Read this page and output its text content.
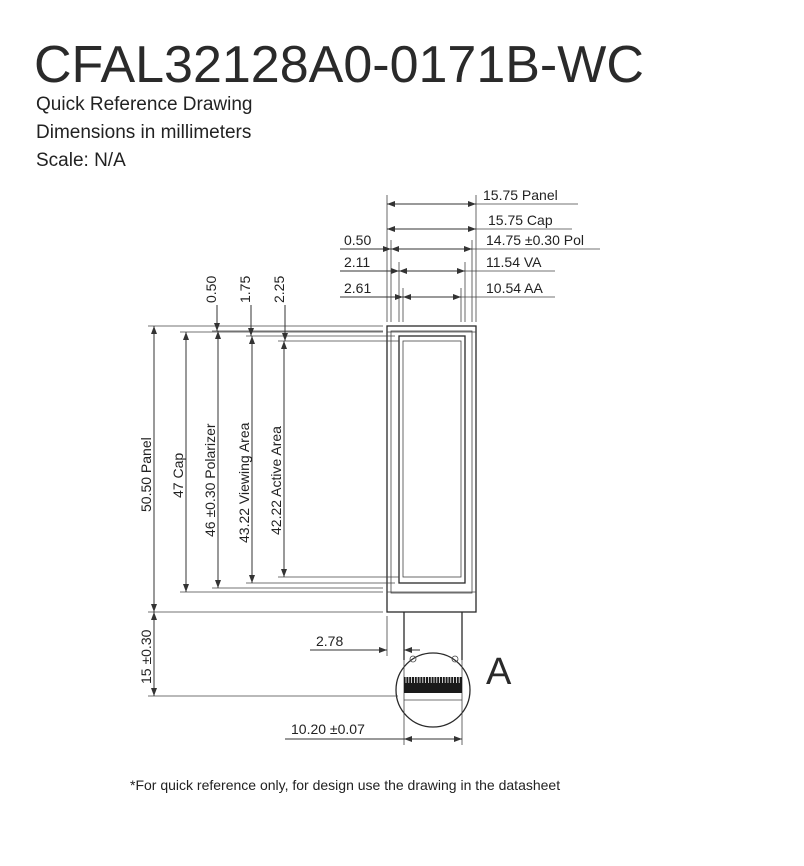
CFAL32128A0-0171B-WC
Quick Reference Drawing
Dimensions in millimeters
Scale: N/A
A
15.75 Panel
15.75 Cap
0.50	14.75 ±0.30 Pol
2.11	11.54 VA
2.61	10.54 AA
0.50 1.75 2.25
50.50 Panel 47 Cap 46 ±0.30 Polarizer 43.22 Viewing Area 42.22 Active Area
15 ±0.30	2.78
10.20 ±0.07
*For quick reference only, for design use the drawing in the datasheet
